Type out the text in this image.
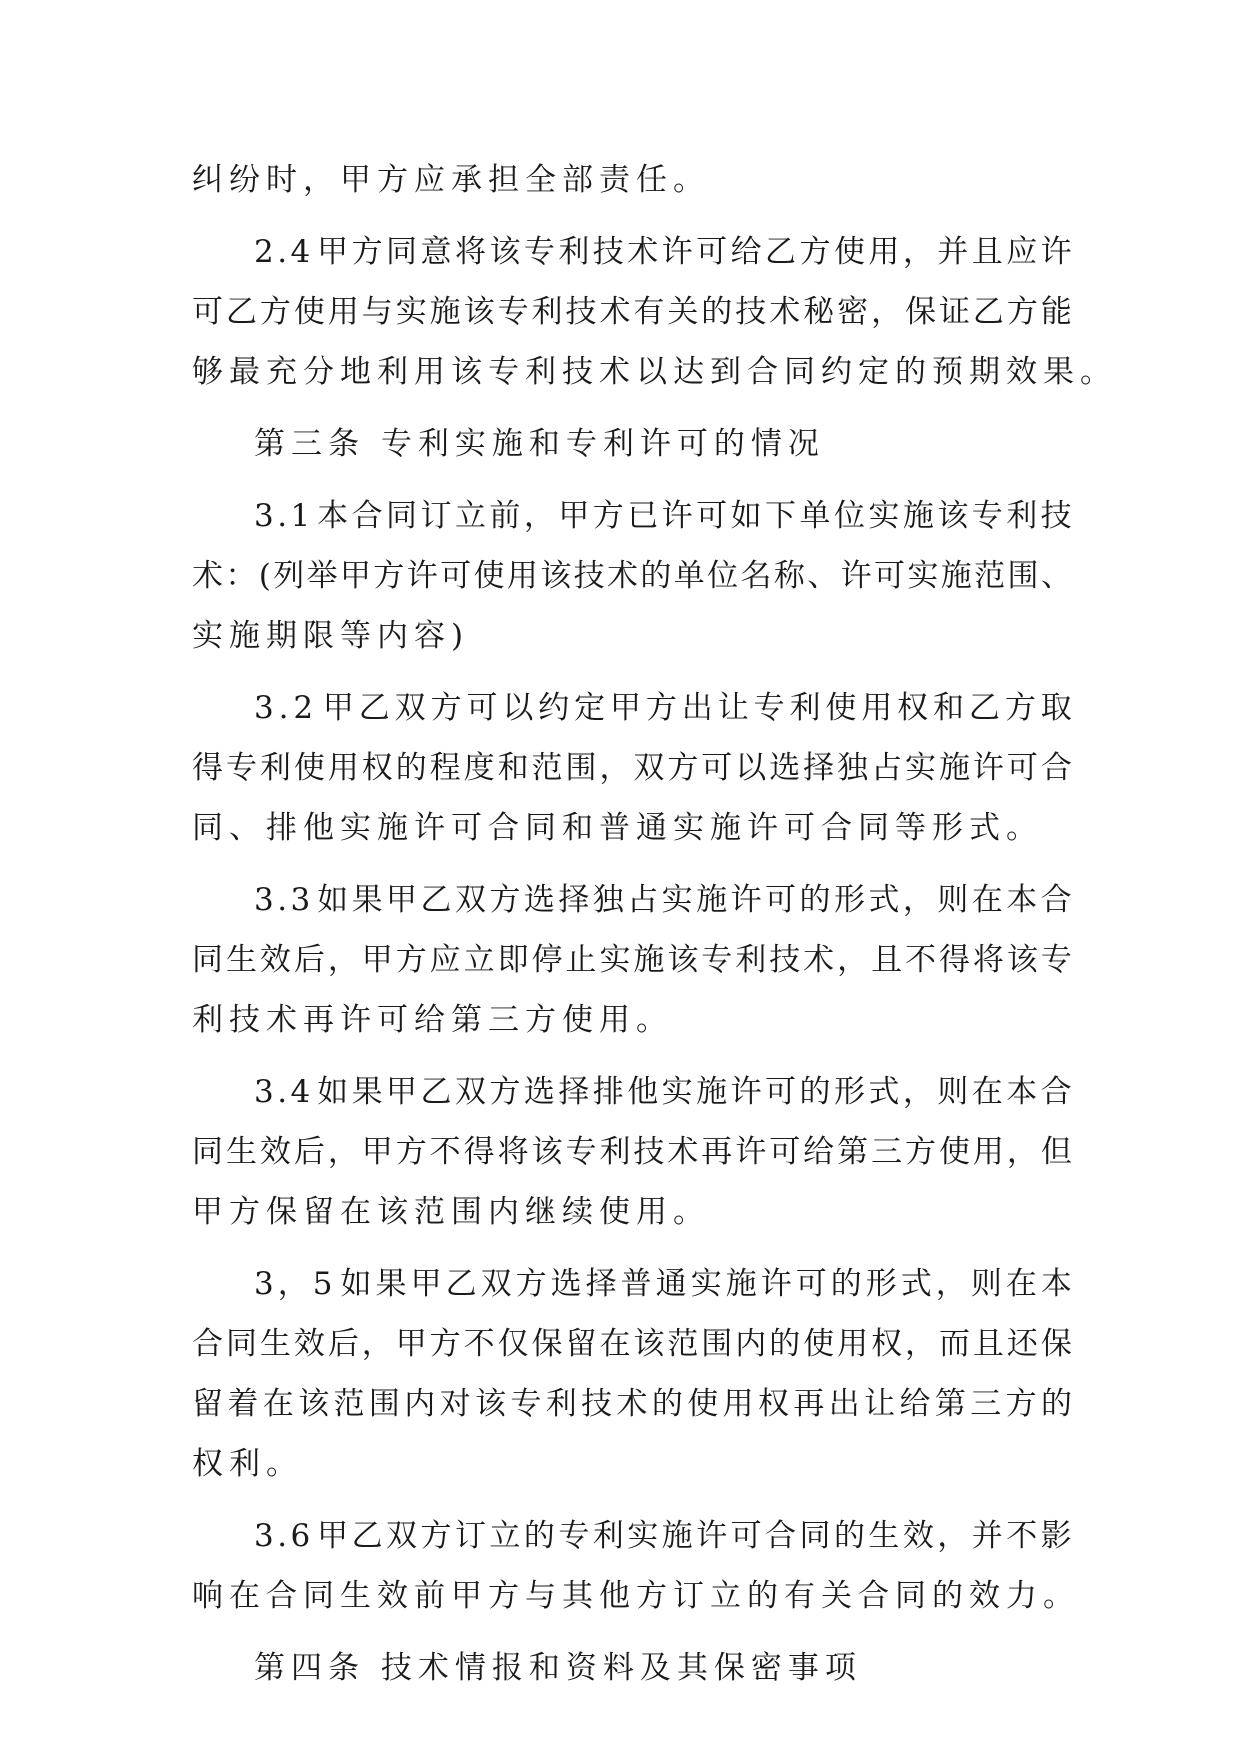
纠纷时，甲方应承担全部责任。
2 . 4 甲 方 同 意 将 该 专 利 技 术 许 可 给 乙 方 使 用 ， 并 且 应 许
可 乙 方 使 用 与 实 施 该 专 利 技 术 有 关 的 技 术 秘 密 ， 保 证 乙 方 能
够最充分地利用该专利技术以达到合同约定的预期效果。
第三条 专利实施和专利许可的情况
3 . 1 本 合 同 订 立 前 ， 甲 方 已 许 可 如 下 单 位 实 施 该 专 利 技
术 ： ( 列 举 甲 方 许 可 使 用 该 技 术 的 单 位 名 称 、 许 可 实 施 范 围 、
实施期限等内容)
3 . 2 甲 乙 双 方 可 以 约 定 甲 方 出 让 专 利 使 用 权 和 乙 方 取
得 专 利 使 用 权 的 程 度 和 范 围 ， 双 方 可 以 选 择 独 占 实 施 许 可 合
同、排他实施许可合同和普通实施许可合同等形式。
3 . 3 如 果 甲 乙 双 方 选 择 独 占 实 施 许 可 的 形 式 ， 则 在 本 合
同 生 效 后 ， 甲 方 应 立 即 停 止 实 施 该 专 利 技 术 ， 且 不 得 将 该 专
利技术再许可给第三方使用。
3 . 4 如 果 甲 乙 双 方 选 择 排 他 实 施 许 可 的 形 式 ， 则 在 本 合
同 生 效 后 ， 甲 方 不 得 将 该 专 利 技 术 再 许 可 给 第 三 方 使 用 ， 但
甲方保留在该范围内继续使用。
3 ， 5 如 果 甲 乙 双 方 选 择 普 通 实 施 许 可 的 形 式 ， 则 在 本
合 同 生 效 后 ， 甲 方 不 仅 保 留 在 该 范 围 内 的 使 用 权 ， 而 且 还 保
留 着 在 该 范 围 内 对 该 专 利 技 术 的 使 用 权 再 出 让 给 第 三 方 的
权利。
3 . 6 甲 乙 双 方 订 立 的 专 利 实 施 许 可 合 同 的 生 效 ， 并 不 影
响在合同生效前甲方与其他方订立的有关合同的效力。
第四条 技术情报和资料及其保密事项
